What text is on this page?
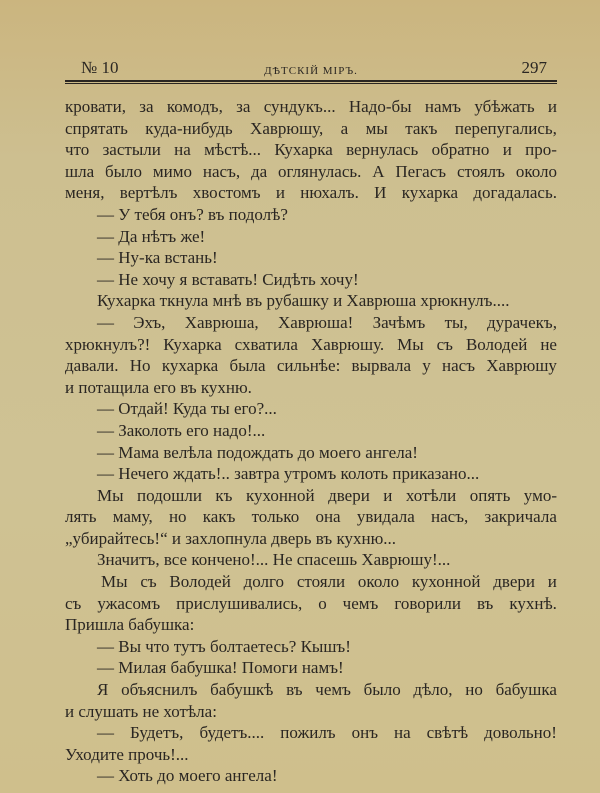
№ 10	ДѢТСКІЙ МІРЪ.	297
кровати, за комодъ, за сундукъ... Надо-бы намъ убѣжать и
спрятать куда-нибудь Хаврюшу, а мы такъ перепугались,
что застыли на мѣстѣ... Кухарка вернулась обратно и про-
шла было мимо насъ, да оглянулась. А Пегасъ стоялъ около
меня, вертѣлъ хвостомъ и нюхалъ. И кухарка догадалась.
— У тебя онъ? въ подолѣ?
— Да нѣтъ же!
— Ну-ка встань!
— Не хочу я вставать! Сидѣть хочу!
Кухарка ткнула мнѣ въ рубашку и Хаврюша хрюкнулъ....
— Эхъ, Хаврюша, Хаврюша! Зачѣмъ ты, дурачекъ,
хрюкнулъ?! Кухарка схватила Хаврюшу. Мы съ Володей не
давали. Но кухарка была сильнѣе: вырвала у насъ Хаврюшу
и потащила его въ кухню.
— Отдай! Куда ты его?...
— Заколоть его надо!...
— Мама велѣла подождать до моего ангела!
— Нечего ждать!.. завтра утромъ колоть приказано...
Мы подошли къ кухонной двери и хотѣли опять умо-
лять маму, но какъ только она увидала насъ, закричала
„убирайтесь!“ и захлопнула дверь въ кухню...
Значитъ, все кончено!... Не спасешь Хаврюшу!...
Мы съ Володей долго стояли около кухонной двери и
съ ужасомъ прислушивались, о чемъ говорили въ кухнѣ.
Пришла бабушка:
— Вы что тутъ болтаетесь? Кышъ!
— Милая бабушка! Помоги намъ!
Я объяснилъ бабушкѣ въ чемъ было дѣло, но бабушка
и слушать не хотѣла:
— Будетъ, будетъ.... пожилъ онъ на свѣтѣ довольно!
Уходите прочь!...
— Хоть до моего ангела!
